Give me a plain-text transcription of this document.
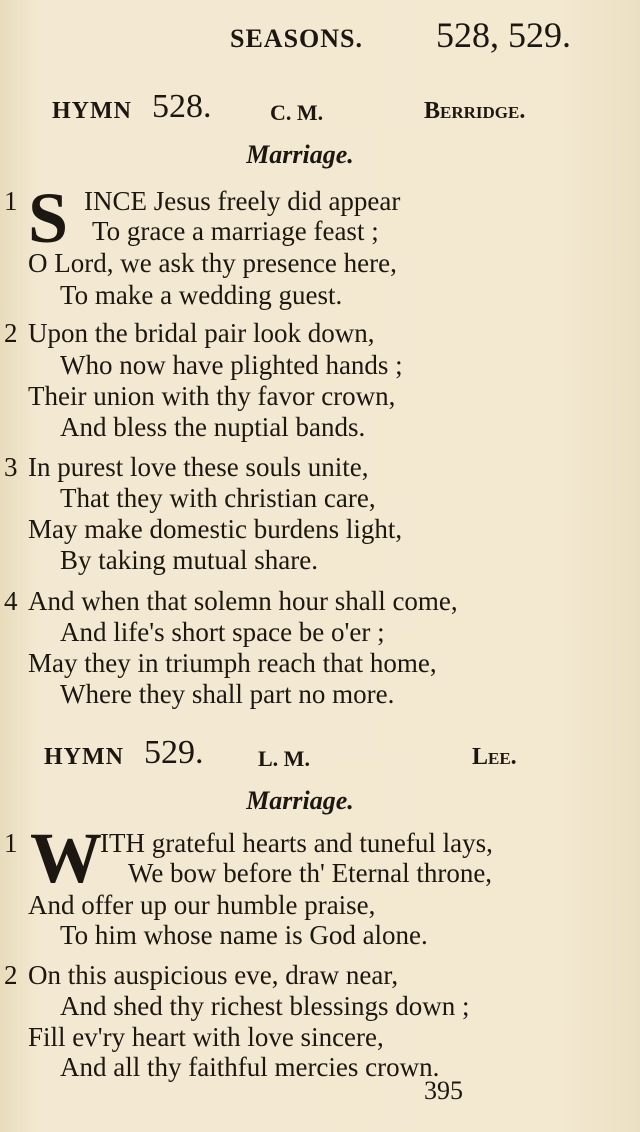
SEASONS. 528, 529.
HYMN 528.	C. M.	Berridge.
Marriage.
1 S INCE Jesus freely did appear
To grace a marriage feast ;
O Lord, we ask thy presence here,
To make a wedding guest.
2 Upon the bridal pair look down,
Who now have plighted hands ;
Their union with thy favor crown,
And bless the nuptial bands.
3 In purest love these souls unite,
That they with christian care,
May make domestic burdens light,
By taking mutual share.
4 And when that solemn hour shall come,
And life's short space be o'er ;
May they in triumph reach that home,
Where they shall part no more.
HYMN 529. L. M.	Lee.
Marriage.
1 W
ITH grateful hearts and tuneful lays,
We bow before th' Eternal throne,
And offer up our humble praise,
To him whose name is God alone.
2 On this auspicious eve, draw near,
And shed thy richest blessings down ;
Fill ev'ry heart with love sincere,
And all thy faithful mercies crown.
395
